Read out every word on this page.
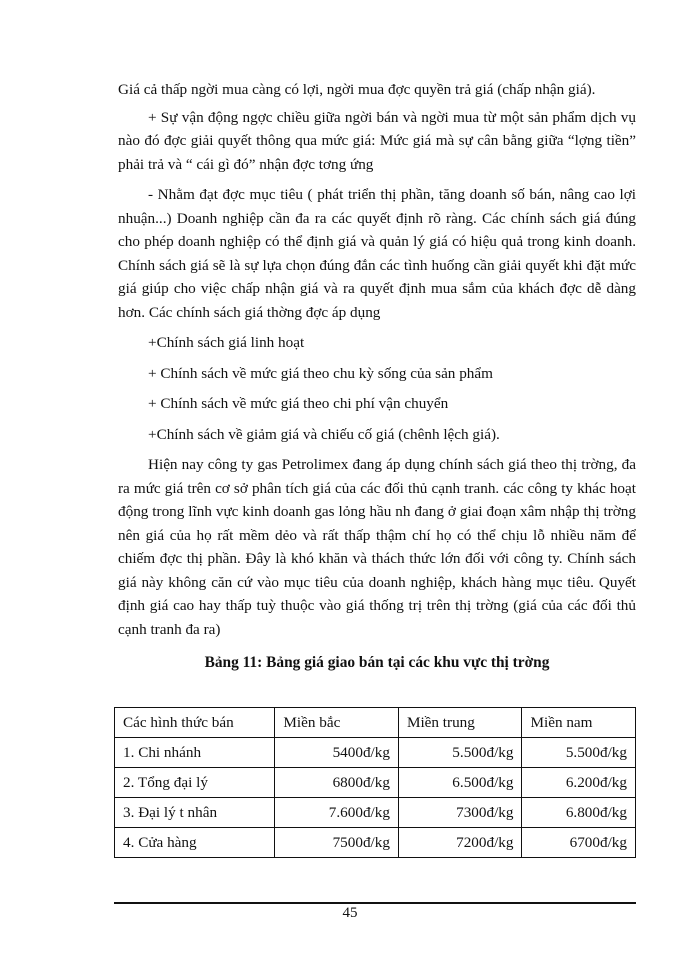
Giá cả thấp ngời mua càng có lợi, ngời mua đợc quyền trả giá (chấp nhận giá).

+ Sự vận động ngợc chiều giữa ngời bán và ngời mua từ một sản phẩm dịch vụ nào đó đợc giải quyết thông qua mức giá: Mức giá mà sự cân bằng giữa “lợng tiền” phải trả và “ cái gì đó” nhận đợc tơng ứng

- Nhằm đạt đợc mục tiêu ( phát triển thị phần, tăng doanh số bán, nâng cao lợi nhuận...) Doanh nghiệp cần đa ra các quyết định rõ ràng. Các chính sách giá đúng cho phép doanh nghiệp có thể định giá và quản lý giá có hiệu quả trong kinh doanh. Chính sách giá sẽ là sự lựa chọn đúng đắn các tình huống cần giải quyết khi đặt mức giá giúp cho việc chấp nhận giá và ra quyết định mua sắm của khách đợc dễ dàng hơn. Các chính sách giá thờng đợc áp dụng

+Chính sách giá linh hoạt

+ Chính sách về mức giá theo chu kỳ sống của sản phẩm

+ Chính sách về mức giá theo chi phí vận chuyển

+Chính sách về giảm giá và chiếu cố giá (chênh lệch giá).

Hiện nay công ty gas Petrolimex đang áp dụng chính sách giá theo thị trờng, đa ra mức giá trên cơ sở phân tích giá của các đối thủ cạnh tranh. các công ty khác hoạt động trong lĩnh vực kinh doanh gas lỏng hầu nh đang ở giai đoạn xâm nhập thị trờng nên giá của họ rất mềm dẻo và rất thấp thậm chí họ có thể chịu lỗ nhiều năm để chiếm đợc thị phần. Đây là khó khăn và thách thức lớn đối với công ty. Chính sách giá này không căn cứ vào mục tiêu của doanh nghiệp, khách hàng mục tiêu. Quyết định giá cao hay thấp tuỳ thuộc vào giá thống trị trên thị trờng (giá của các đối thủ cạnh tranh đa ra)

Bảng 11: Bảng giá giao bán tại các khu vực thị trờng
Các hình thức bán	Miền bắc	Miền trung	Miền nam
1. Chi nhánh	5400đ/kg	5.500đ/kg	5.500đ/kg
2. Tổng đại lý	6800đ/kg	6.500đ/kg	6.200đ/kg
3. Đại lý t nhân	7.600đ/kg	7300đ/kg	6.800đ/kg
4. Cửa hàng	7500đ/kg	7200đ/kg	6700đ/kg
45
